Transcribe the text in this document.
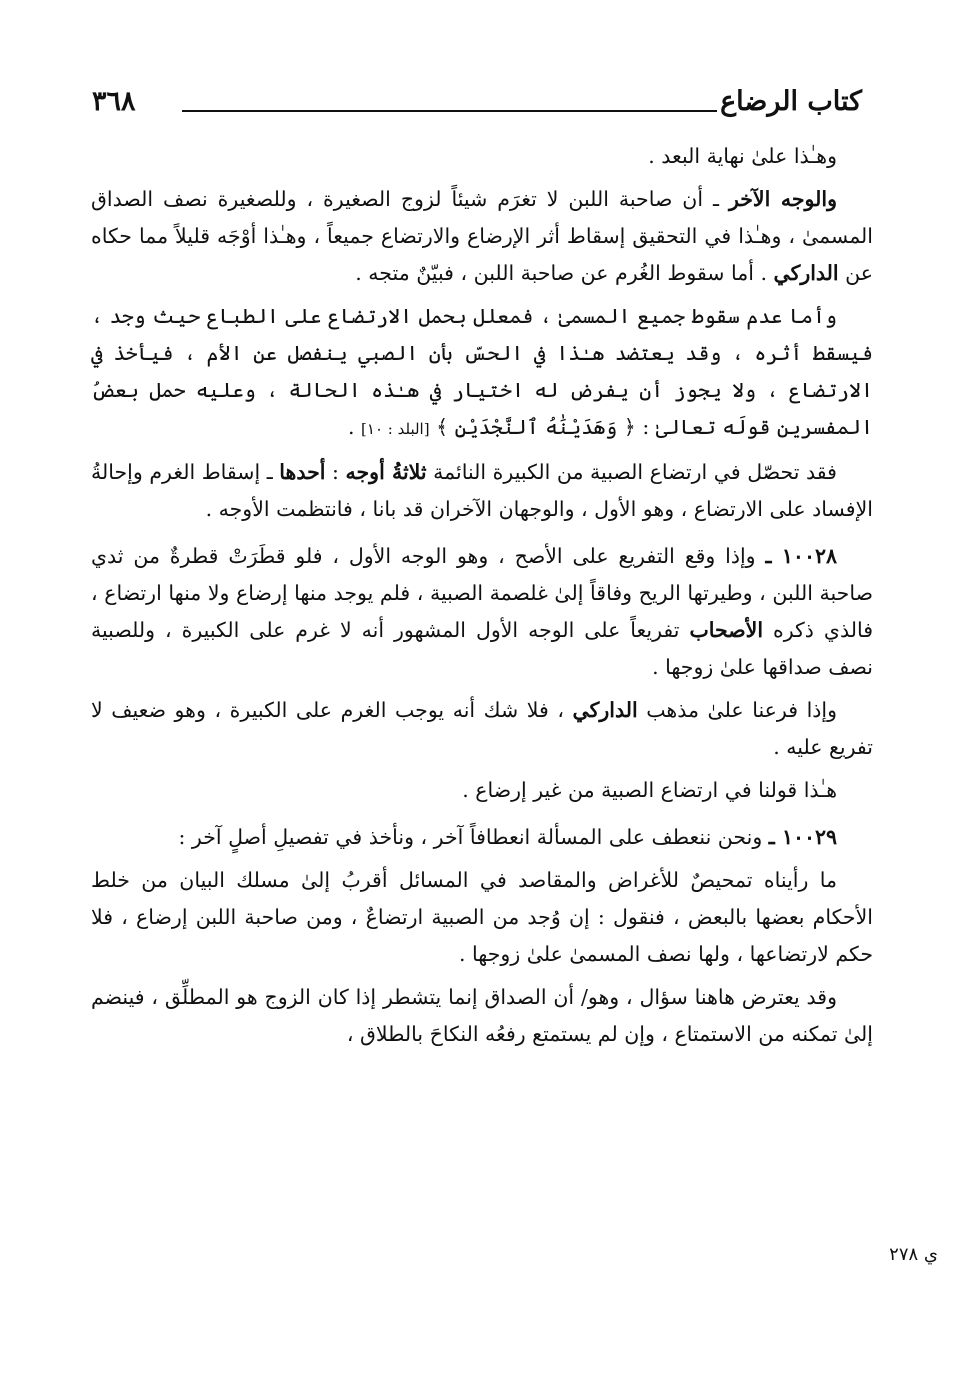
كتاب الرضاع
٣٦٨

وهـٰذا علىٰ نهاية البعد .

والوجه الآخر ـ أن صاحبة اللبن لا تغرَم شيئاً لزوج الصغيرة ، وللصغيرة نصف الصداق المسمىٰ ، وهـٰذا في التحقيق إسقاط أثر الإرضاع والارتضاع جميعاً ، وهـٰذا أوْجَه قليلاً مما حكاه عن الداركي . أما سقوط الغُرم عن صاحبة اللبن ، فبيّنٌ متجه .

وأما عدم سقوط جميع المسمىٰ ، فمعلل بحمل الارتضاع على الطباع حيث وجد ، فيسقط أثره ، وقد يعتضد هـٰذا في الحسّ بأن الصبي ينفصل عن الأم ، فيأخذ في الارتضاع ، ولا يجوز أن يفرض له اختيار في هـٰذه الحالة ، وعليه حمل بعضُ المفسرين قولَه تعالىٰ : ﴿ وَهَدَيْنَٰهُ ٱلنَّجْدَيْنِ ﴾ [البلد : ١٠] .

فقد تحصّل في ارتضاع الصبية من الكبيرة النائمة ثلاثةُ أوجه : أحدها ـ إسقاط الغرم وإحالةُ الإفساد على الارتضاع ، وهو الأول ، والوجهان الآخران قد بانا ، فانتظمت الأوجه .

١٠٠٢٨ ـ وإذا وقع التفريع على الأصح ، وهو الوجه الأول ، فلو قطَرَتْ قطرةٌ من ثدي صاحبة اللبن ، وطيرتها الريح وفاقاً إلىٰ غلصمة الصبية ، فلم يوجد منها إرضاع ولا منها ارتضاع ، فالذي ذكره الأصحاب تفريعاً على الوجه الأول المشهور أنه لا غرم على الكبيرة ، وللصبية نصف صداقها علىٰ زوجها .

وإذا فرعنا علىٰ مذهب الداركي ، فلا شك أنه يوجب الغرم على الكبيرة ، وهو ضعيف لا تفريع عليه .

هـٰذا قولنا في ارتضاع الصبية من غير إرضاع .

١٠٠٢٩ ـ ونحن ننعطف على المسألة انعطافاً آخر ، ونأخذ في تفصيلِ أصلٍ آخر :

ما رأيناه تمحيصٌ للأغراض والمقاصد في المسائل أقربُ إلىٰ مسلك البيان من خلط الأحكام بعضها بالبعض ، فنقول : إن وُجد من الصبية ارتضاعٌ ، ومن صاحبة اللبن إرضاع ، فلا حكم لارتضاعها ، ولها نصف المسمىٰ علىٰ زوجها .

وقد يعترض هاهنا سؤال ، وهو/ أن الصداق إنما يتشطر إذا كان الزوج هو المطلِّق ، فينضم إلىٰ تمكنه من الاستمتاع ، وإن لم يستمتع رفعُه النكاحَ بالطلاق ،

ي ٢٧٨
